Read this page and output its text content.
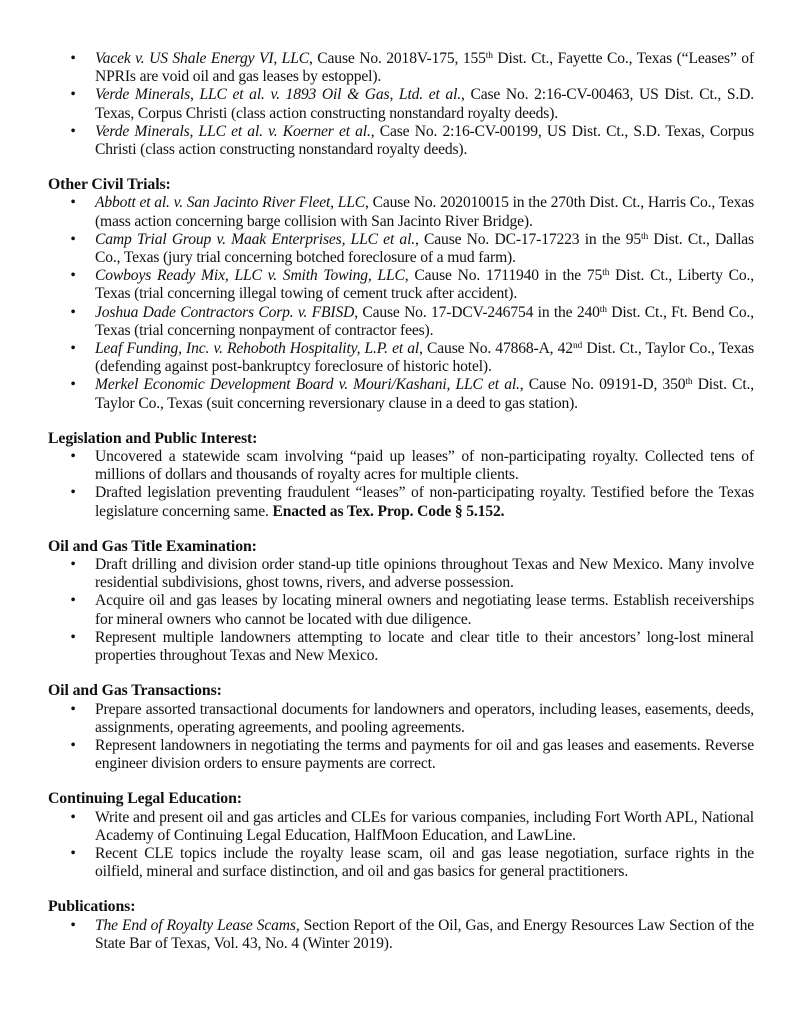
• Vacek v. US Shale Energy VI, LLC, Cause No. 2018V-175, 155th Dist. Ct., Fayette Co., Texas (“Leases” of NPRIs are void oil and gas leases by estoppel).
• Verde Minerals, LLC et al. v. 1893 Oil & Gas, Ltd. et al., Case No. 2:16-CV-00463, US Dist. Ct., S.D. Texas, Corpus Christi (class action constructing nonstandard royalty deeds).
• Verde Minerals, LLC et al. v. Koerner et al., Case No. 2:16-CV-00199, US Dist. Ct., S.D. Texas, Corpus Christi (class action constructing nonstandard royalty deeds).
Other Civil Trials:
• Abbott et al. v. San Jacinto River Fleet, LLC, Cause No. 202010015 in the 270th Dist. Ct., Harris Co., Texas (mass action concerning barge collision with San Jacinto River Bridge).
• Camp Trial Group v. Maak Enterprises, LLC et al., Cause No. DC-17-17223 in the 95th Dist. Ct., Dallas Co., Texas (jury trial concerning botched foreclosure of a mud farm).
• Cowboys Ready Mix, LLC v. Smith Towing, LLC, Cause No. 1711940 in the 75th Dist. Ct., Liberty Co., Texas (trial concerning illegal towing of cement truck after accident).
• Joshua Dade Contractors Corp. v. FBISD, Cause No. 17-DCV-246754 in the 240th Dist. Ct., Ft. Bend Co., Texas (trial concerning nonpayment of contractor fees).
• Leaf Funding, Inc. v. Rehoboth Hospitality, L.P. et al, Cause No. 47868-A, 42nd Dist. Ct., Taylor Co., Texas (defending against post-bankruptcy foreclosure of historic hotel).
• Merkel Economic Development Board v. Mouri/Kashani, LLC et al., Cause No. 09191-D, 350th Dist. Ct., Taylor Co., Texas (suit concerning reversionary clause in a deed to gas station).
Legislation and Public Interest:
• Uncovered a statewide scam involving “paid up leases” of non-participating royalty. Collected tens of millions of dollars and thousands of royalty acres for multiple clients.
• Drafted legislation preventing fraudulent “leases” of non-participating royalty. Testified before the Texas legislature concerning same. Enacted as Tex. Prop. Code § 5.152.
Oil and Gas Title Examination:
• Draft drilling and division order stand-up title opinions throughout Texas and New Mexico. Many involve residential subdivisions, ghost towns, rivers, and adverse possession.
• Acquire oil and gas leases by locating mineral owners and negotiating lease terms. Establish receiverships for mineral owners who cannot be located with due diligence.
• Represent multiple landowners attempting to locate and clear title to their ancestors’ long-lost mineral properties throughout Texas and New Mexico.
Oil and Gas Transactions:
• Prepare assorted transactional documents for landowners and operators, including leases, easements, deeds, assignments, operating agreements, and pooling agreements.
• Represent landowners in negotiating the terms and payments for oil and gas leases and easements. Reverse engineer division orders to ensure payments are correct.
Continuing Legal Education:
• Write and present oil and gas articles and CLEs for various companies, including Fort Worth APL, National Academy of Continuing Legal Education, HalfMoon Education, and LawLine.
• Recent CLE topics include the royalty lease scam, oil and gas lease negotiation, surface rights in the oilfield, mineral and surface distinction, and oil and gas basics for general practitioners.
Publications:
• The End of Royalty Lease Scams, Section Report of the Oil, Gas, and Energy Resources Law Section of the State Bar of Texas, Vol. 43, No. 4 (Winter 2019).
